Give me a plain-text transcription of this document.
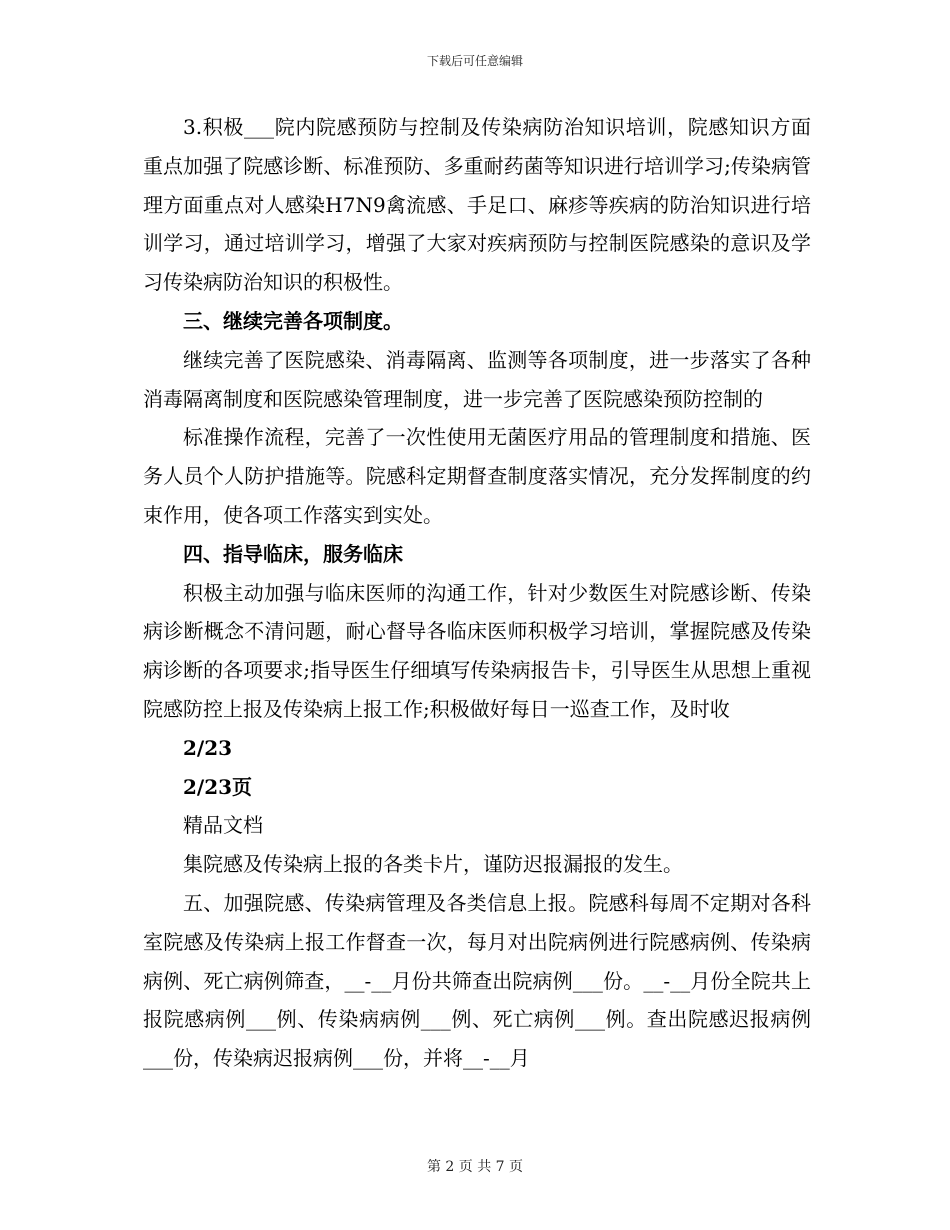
下载后可任意编辑

3.积极___院内院感预防与控制及传染病防治知识培训，院感知识方面重点加强了院感诊断、标准预防、多重耐药菌等知识进行培训学习;传染病管理方面重点对人感染H7N9禽流感、手足口、麻疹等疾病的防治知识进行培训学习，通过培训学习，增强了大家对疾病预防与控制医院感染的意识及学习传染病防治知识的积极性。

三、继续完善各项制度。

继续完善了医院感染、消毒隔离、监测等各项制度，进一步落实了各种消毒隔离制度和医院感染管理制度，进一步完善了医院感染预防控制的

标准操作流程，完善了一次性使用无菌医疗用品的管理制度和措施、医务人员个人防护措施等。院感科定期督查制度落实情况，充分发挥制度的约束作用，使各项工作落实到实处。

四、指导临床，服务临床

积极主动加强与临床医师的沟通工作，针对少数医生对院感诊断、传染病诊断概念不清问题，耐心督导各临床医师积极学习培训，掌握院感及传染病诊断的各项要求;指导医生仔细填写传染病报告卡，引导医生从思想上重视院感防控上报及传染病上报工作;积极做好每日一巡查工作，及时收

2/23

2/23页

精品文档

集院感及传染病上报的各类卡片，谨防迟报漏报的发生。

五、加强院感、传染病管理及各类信息上报。院感科每周不定期对各科室院感及传染病上报工作督查一次，每月对出院病例进行院感病例、传染病病例、死亡病例筛查，__-__月份共筛查出院病例___份。__-__月份全院共上报院感病例___例、传染病病例___例、死亡病例___例。查出院感迟报病例___份，传染病迟报病例___份，并将__-__月

第 2 页 共 7 页
